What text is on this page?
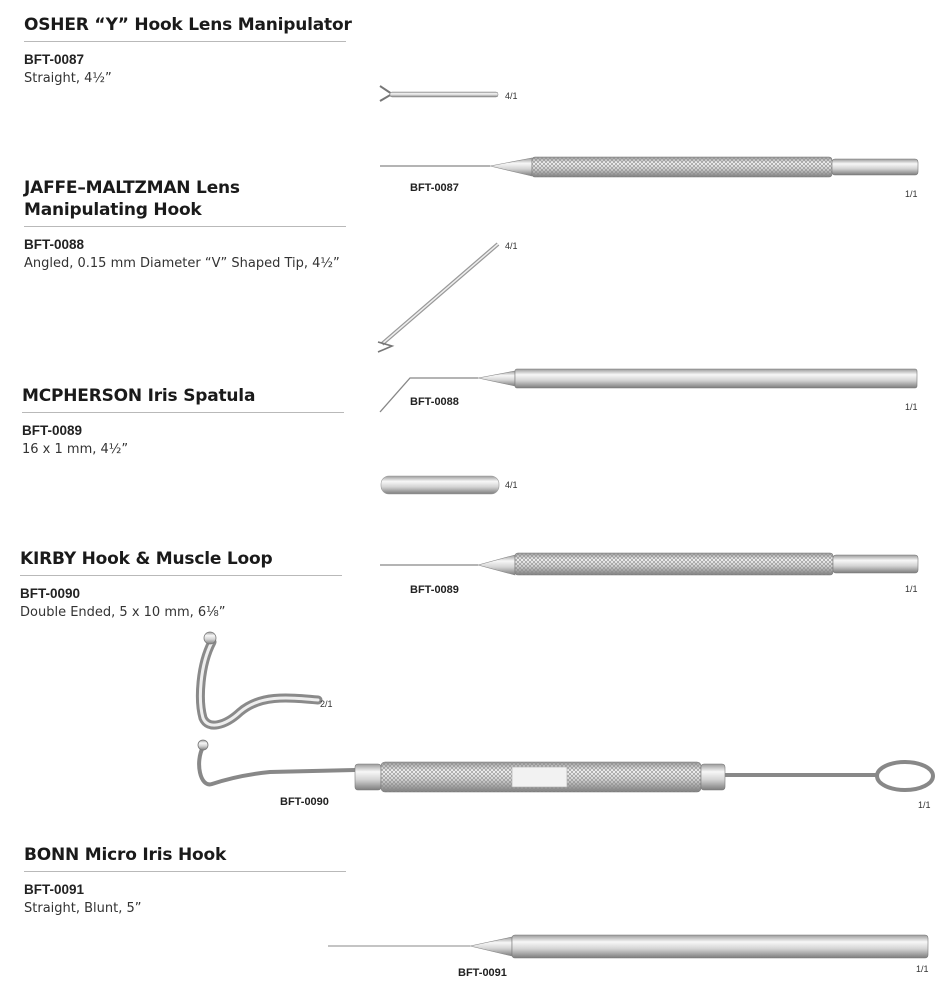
OSHER “Y” Hook Lens Manipulator
BFT-0087
Straight, 4½”
JAFFE–MALTZMAN Lens Manipulating Hook
BFT-0088
Angled, 0.15 mm Diameter “V” Shaped Tip, 4½”
MCPHERSON Iris Spatula
BFT-0089
16 x 1 mm, 4½”
KIRBY Hook & Muscle Loop
BFT-0090
Double Ended, 5 x 10 mm, 6⅛”
BONN Micro Iris Hook
BFT-0091
Straight, Blunt, 5”
BFT-0087
BFT-0088
BFT-0089
BFT-0090
BFT-0091
4/1
1/1
4/1
1/1
4/1
1/1
2/1
1/1
1/1
